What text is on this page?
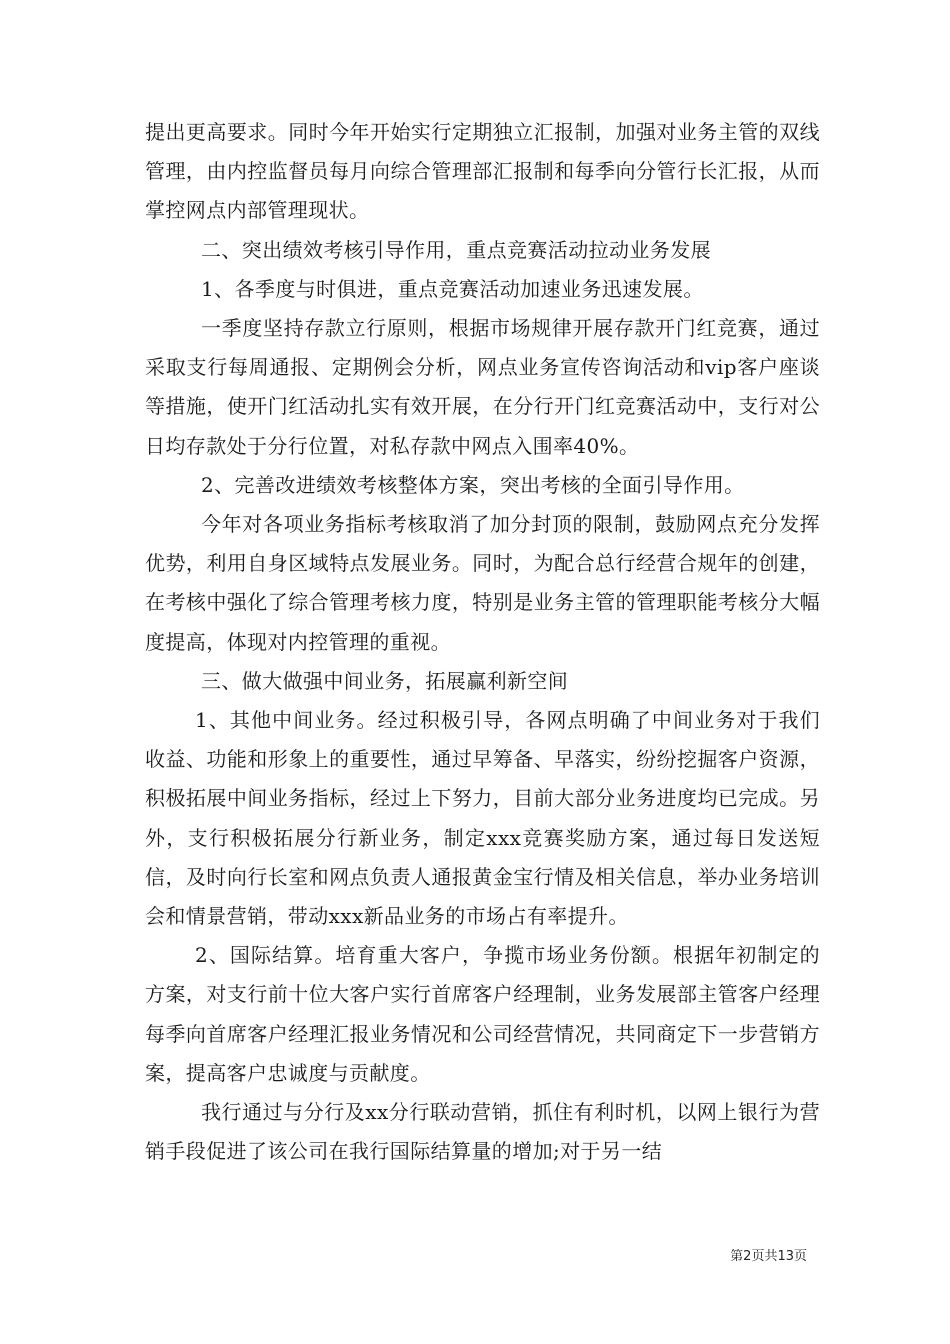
提出更高要求。同时今年开始实行定期独立汇报制，加强对业务主管的双线管理，由内控监督员每月向综合管理部汇报制和每季向分管行长汇报，从而掌控网点内部管理现状。

二、突出绩效考核引导作用，重点竞赛活动拉动业务发展

1、各季度与时俱进，重点竞赛活动加速业务迅速发展。

一季度坚持存款立行原则，根据市场规律开展存款开门红竞赛，通过采取支行每周通报、定期例会分析，网点业务宣传咨询活动和vip客户座谈等措施，使开门红活动扎实有效开展，在分行开门红竞赛活动中，支行对公日均存款处于分行位置，对私存款中网点入围率40%。

2、完善改进绩效考核整体方案，突出考核的全面引导作用。

今年对各项业务指标考核取消了加分封顶的限制，鼓励网点充分发挥优势，利用自身区域特点发展业务。同时，为配合总行经营合规年的创建，在考核中强化了综合管理考核力度，特别是业务主管的管理职能考核分大幅度提高，体现对内控管理的重视。

三、做大做强中间业务，拓展赢利新空间

1、其他中间业务。经过积极引导，各网点明确了中间业务对于我们收益、功能和形象上的重要性，通过早筹备、早落实，纷纷挖掘客户资源，积极拓展中间业务指标，经过上下努力，目前大部分业务进度均已完成。另外，支行积极拓展分行新业务，制定xxx竞赛奖励方案，通过每日发送短信，及时向行长室和网点负责人通报黄金宝行情及相关信息，举办业务培训会和情景营销，带动xxx新品业务的市场占有率提升。

2、国际结算。培育重大客户，争揽市场业务份额。根据年初制定的方案，对支行前十位大客户实行首席客户经理制，业务发展部主管客户经理每季向首席客户经理汇报业务情况和公司经营情况，共同商定下一步营销方案，提高客户忠诚度与贡献度。

我行通过与分行及xx分行联动营销，抓住有利时机，以网上银行为营销手段促进了该公司在我行国际结算量的增加;对于另一结

第2页共13页
